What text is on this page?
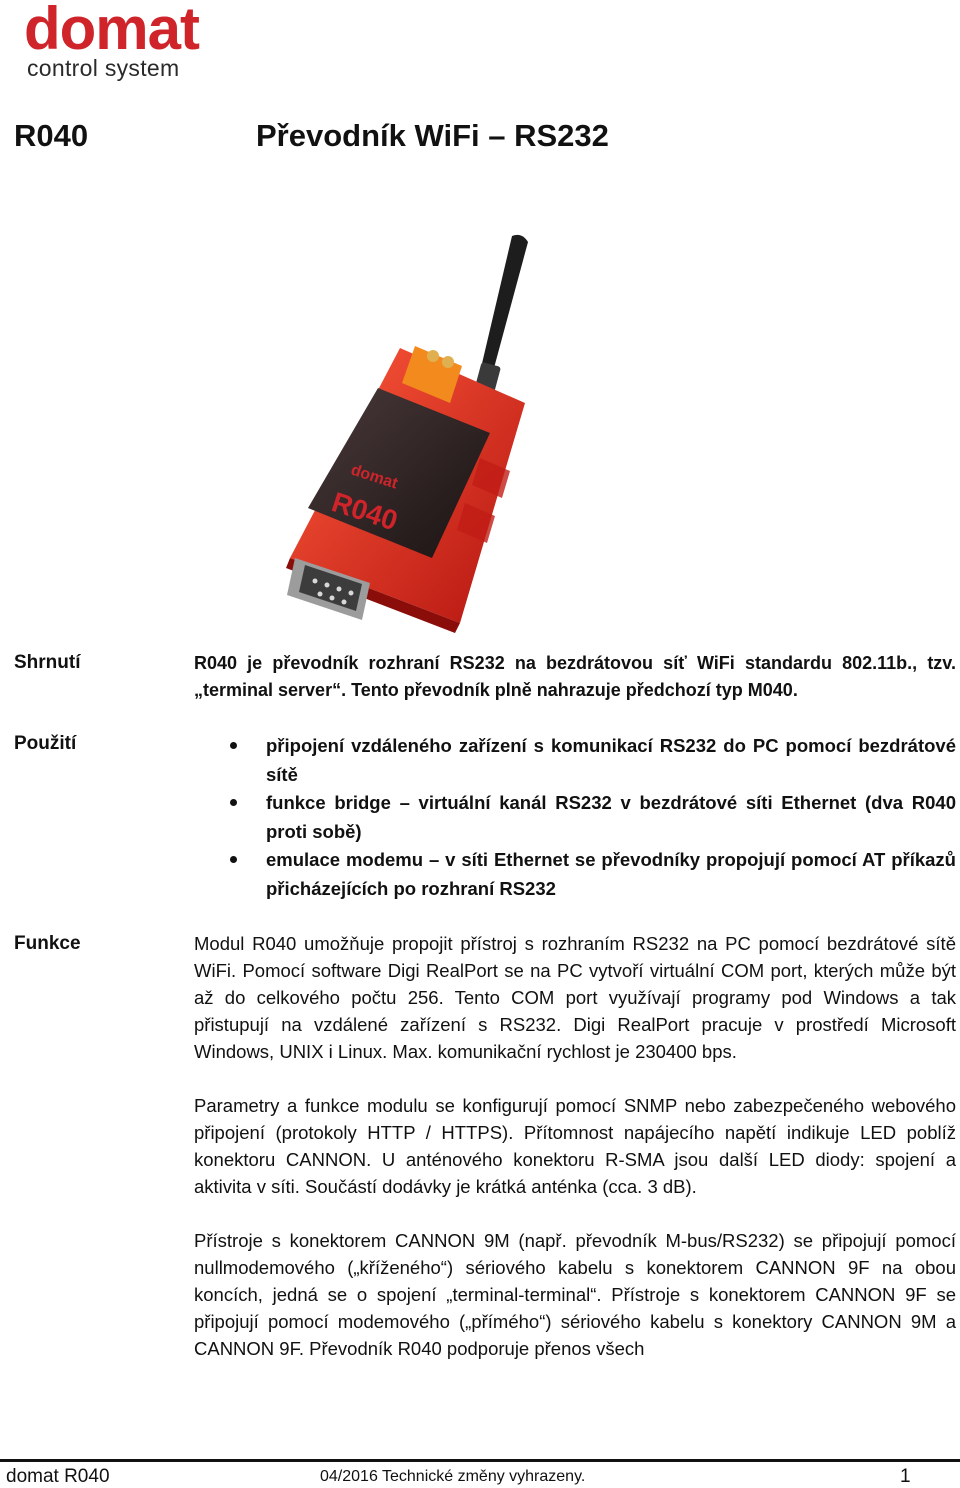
domat
control system
R040	Převodník WiFi – RS232
domat
R040
Shrnutí	R040 je převodník rozhraní RS232 na bezdrátovou síť WiFi standardu 802.11b., tzv. „terminal server“. Tento převodník plně nahrazuje předchozí typ M040.
Použití	připojení vzdáleného zařízení s komunikací RS232 do PC pomocí bezdrátové sítě
funkce bridge – virtuální kanál RS232 v bezdrátové síti Ethernet (dva R040 proti sobě)
emulace modemu – v síti Ethernet se převodníky propojují pomocí AT příkazů přicházejících po rozhraní RS232
Funkce	Modul R040 umožňuje propojit přístroj s rozhraním RS232 na PC pomocí bezdrátové sítě WiFi. Pomocí software Digi RealPort se na PC vytvoří virtuální COM port, kterých může být až do celkového počtu 256. Tento COM port využívají programy pod Windows a tak přistupují na vzdálené zařízení s RS232. Digi RealPort pracuje v prostředí Microsoft Windows, UNIX i Linux. Max. komunikační rychlost je 230400 bps.

Parametry a funkce modulu se konfigurují pomocí SNMP nebo zabezpečeného webového připojení (protokoly HTTP / HTTPS). Přítomnost napájecího napětí indikuje LED poblíž konektoru CANNON. U anténového konektoru R-SMA jsou další LED diody: spojení a aktivita v síti. Součástí dodávky je krátká anténka (cca. 3 dB).

Přístroje s konektorem CANNON 9M (např. převodník M-bus/RS232) se připojují pomocí nullmodemového („kříženého“) sériového kabelu s konektorem CANNON 9F na obou koncích, jedná se o spojení „terminal-terminal“. Přístroje s konektorem CANNON 9F se připojují pomocí modemového („přímého“) sériového kabelu s konektory CANNON 9M a CANNON 9F. Převodník R040 podporuje přenos všech

domat R040	04/2016 Technické změny vyhrazeny.	1
